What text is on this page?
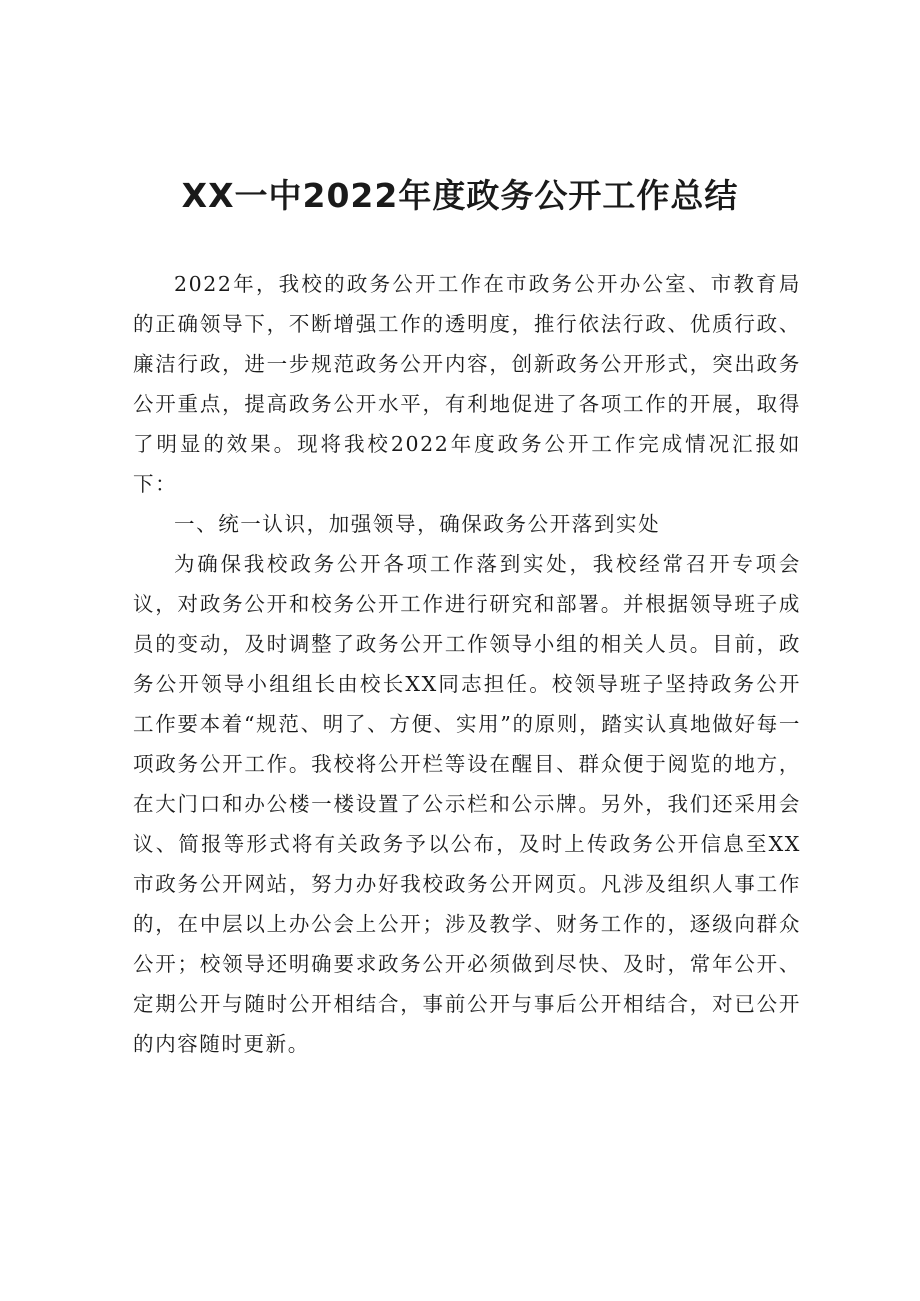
XX一中2022年度政务公开工作总结

2022年，我校的政务公开工作在市政务公开办公室、市教育局的正确领导下，不断增强工作的透明度，推行依法行政、优质行政、廉洁行政，进一步规范政务公开内容，创新政务公开形式，突出政务公开重点，提高政务公开水平，有利地促进了各项工作的开展，取得了明显的效果。现将我校2022年度政务公开工作完成情况汇报如下：

一、统一认识，加强领导，确保政务公开落到实处

为确保我校政务公开各项工作落到实处，我校经常召开专项会议，对政务公开和校务公开工作进行研究和部署。并根据领导班子成员的变动，及时调整了政务公开工作领导小组的相关人员。目前，政务公开领导小组组长由校长XX同志担任。校领导班子坚持政务公开工作要本着“规范、明了、方便、实用”的原则，踏实认真地做好每一项政务公开工作。我校将公开栏等设在醒目、群众便于阅览的地方，在大门口和办公楼一楼设置了公示栏和公示牌。另外，我们还采用会议、简报等形式将有关政务予以公布，及时上传政务公开信息至XX市政务公开网站，努力办好我校政务公开网页。凡涉及组织人事工作的，在中层以上办公会上公开；涉及教学、财务工作的，逐级向群众公开；校领导还明确要求政务公开必须做到尽快、及时，常年公开、定期公开与随时公开相结合，事前公开与事后公开相结合，对已公开的内容随时更新。
